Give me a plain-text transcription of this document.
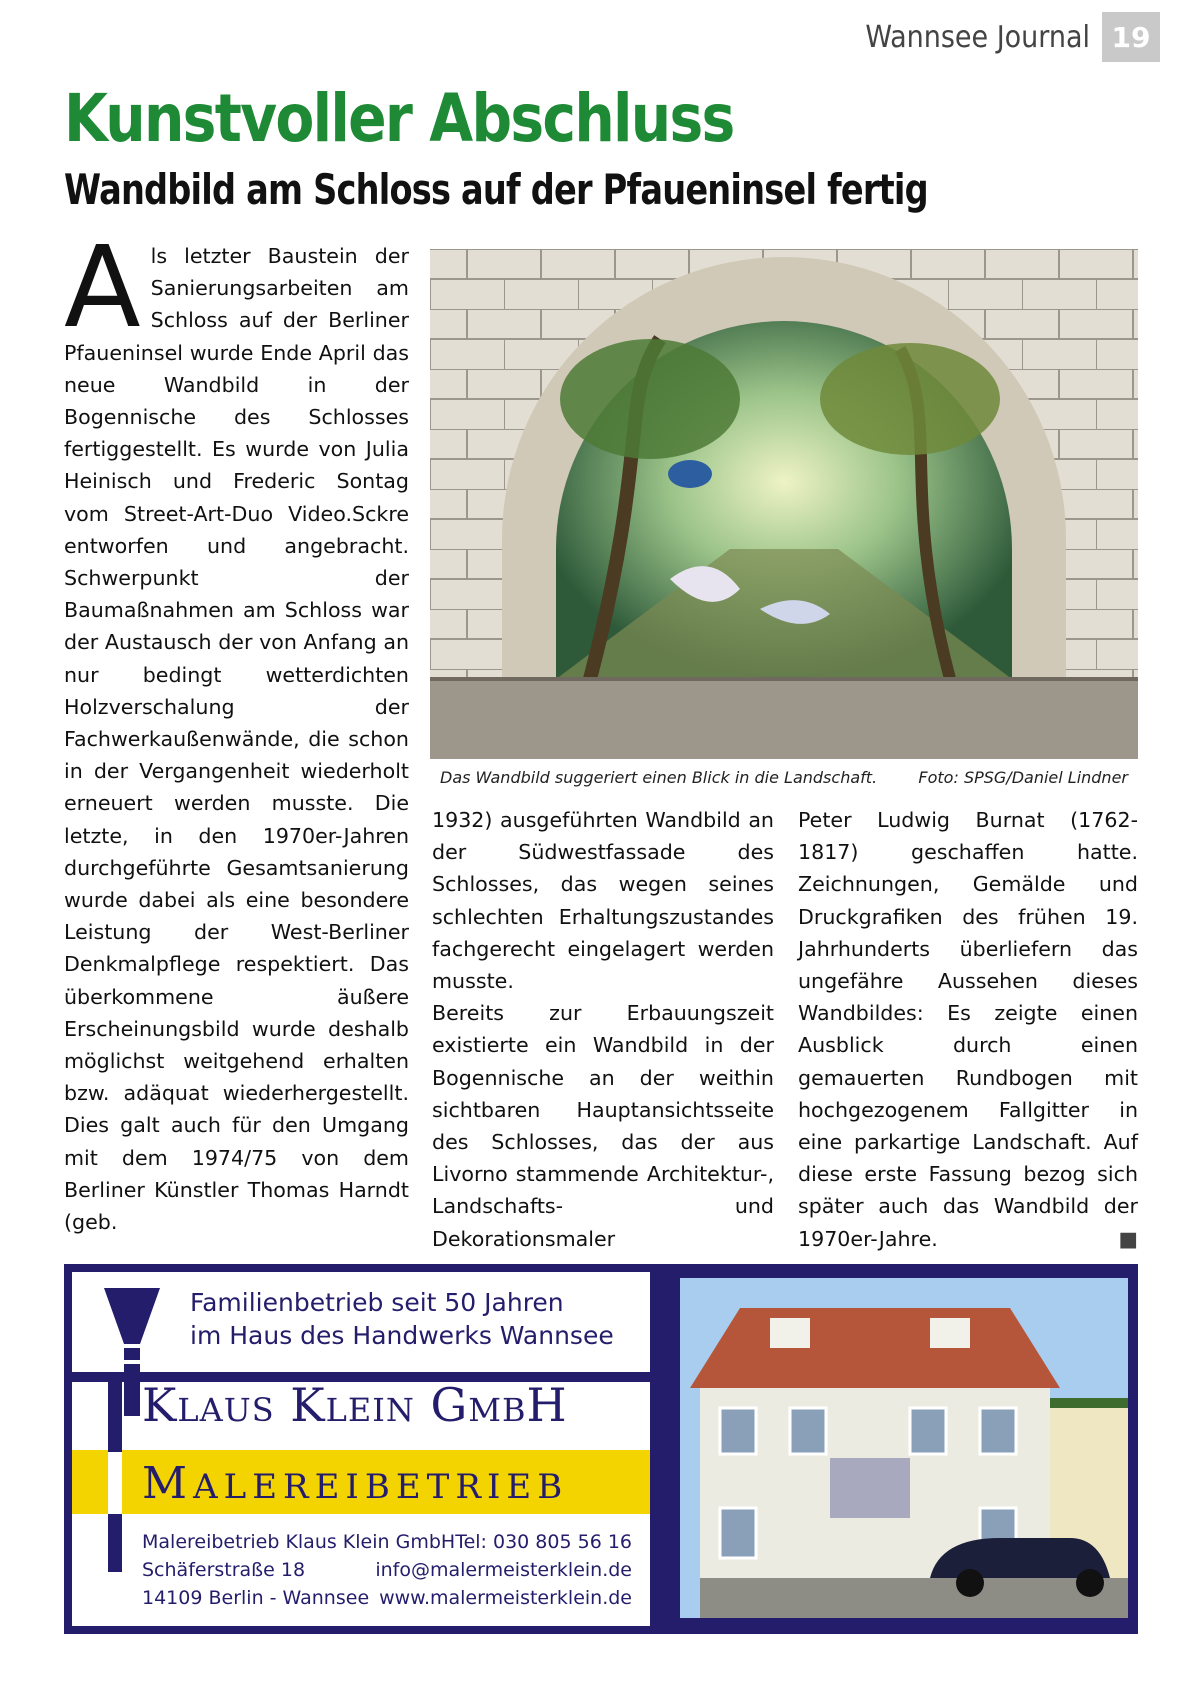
Wannsee Journal 19
Kunstvoller Abschluss
Wandbild am Schloss auf der Pfaueninsel fertig
A ls letzter Baustein der Sanierungsarbeiten am Schloss auf der Berliner Pfaueninsel wurde Ende April das neue Wandbild in der Bogennische des Schlosses fertiggestellt. Es wurde von Julia Heinisch und Frederic Sontag vom Street-Art-Duo Video.Sckre entworfen und angebracht. Schwerpunkt der Baumaßnahmen am Schloss war der Austausch der von Anfang an nur bedingt wetterdichten Holzverschalung der Fachwerkaußenwände, die schon in der Vergangenheit wiederholt erneuert werden musste. Die letzte, in den 1970er-Jahren durchgeführte Gesamtsanierung wurde dabei als eine besondere Leistung der West-Berliner Denkmalpflege respektiert. Das überkommene äußere Erscheinungsbild wurde deshalb möglichst weitgehend erhalten bzw. adäquat wiederhergestellt. Dies galt auch für den Umgang mit dem 1974/75 von dem Berliner Künstler Thomas Harndt (geb.
Das Wandbild suggeriert einen Blick in die Landschaft.	Foto: SPSG/Daniel Lindner
1932) ausgeführten Wandbild an der Südwestfassade des Schlosses, das wegen seines schlechten Erhaltungszustandes fachgerecht eingelagert werden musste.
Bereits zur Erbauungszeit existierte ein Wandbild in der Bogennische an der weithin sichtbaren Hauptansichtsseite des Schlosses, das der aus Livorno stammende Architektur-, Landschafts- und Dekorationsmaler
Peter Ludwig Burnat (1762-1817) geschaffen hatte. Zeichnungen, Gemälde und Druckgrafiken des frühen 19. Jahrhunderts überliefern das ungefähre Aussehen dieses Wandbildes: Es zeigte einen Ausblick durch einen gemauerten Rundbogen mit hochgezogenem Fallgitter in eine parkartige Landschaft. Auf diese erste Fassung bezog sich später auch das Wandbild der 1970er-Jahre.	■
Familienbetrieb seit 50 Jahren
im Haus des Handwerks Wannsee
Klaus Klein GmbH
MALEREIBETRIEB
Malereibetrieb Klaus Klein GmbH Tel: 030 805 56 16
Schäferstraße 18	info@malermeisterklein.de
14109 Berlin - Wannsee www.malermeisterklein.de
